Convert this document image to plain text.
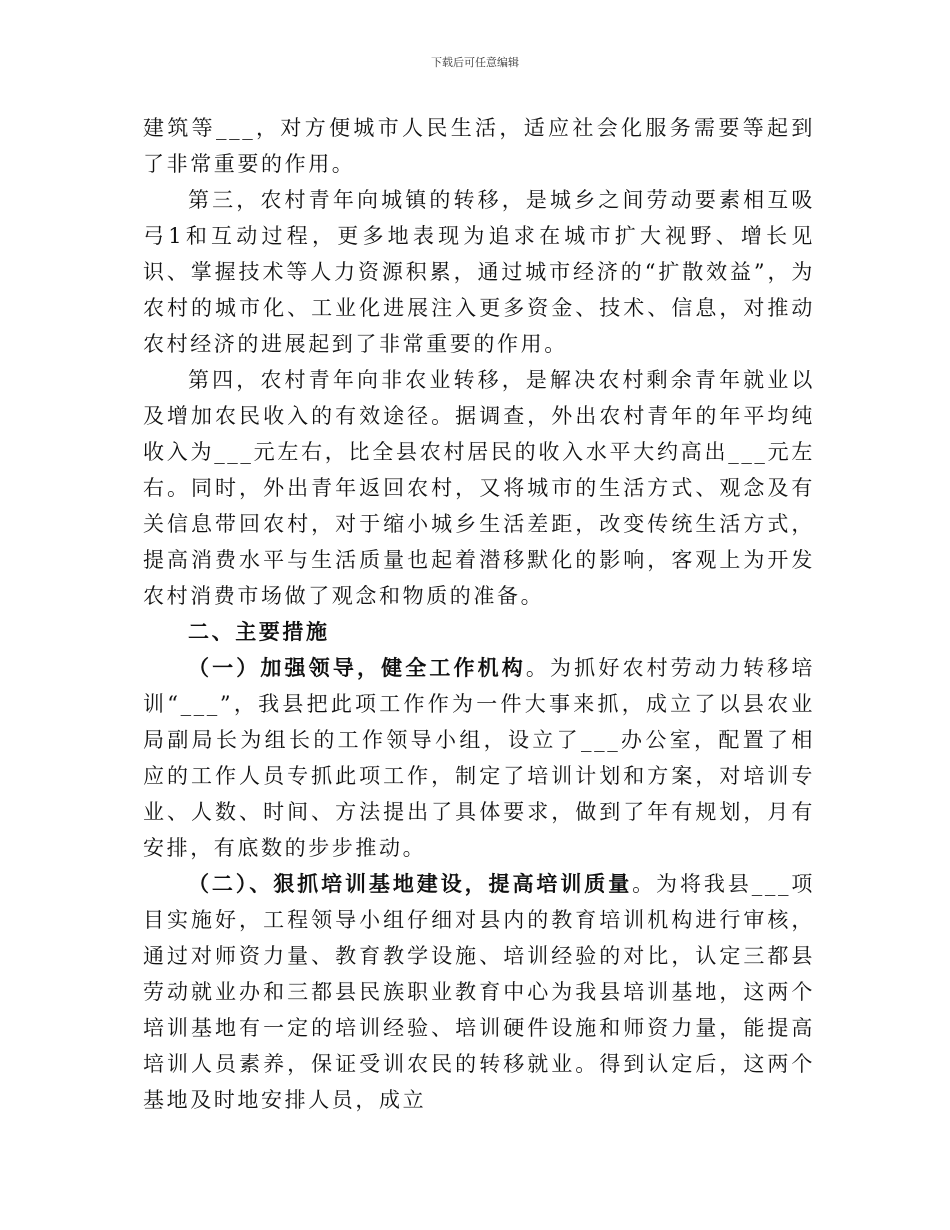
下载后可任意编辑

建筑等___，对方便城市人民生活，适应社会化服务需要等起到了非常重要的作用。

第三，农村青年向城镇的转移，是城乡之间劳动要素相互吸弓1和互动过程，更多地表现为追求在城市扩大视野、增长见识、掌握技术等人力资源积累，通过城市经济的“扩散效益”，为农村的城市化、工业化进展注入更多资金、技术、信息，对推动农村经济的进展起到了非常重要的作用。

第四，农村青年向非农业转移，是解决农村剩余青年就业以及增加农民收入的有效途径。据调查，外出农村青年的年平均纯收入为___元左右，比全县农村居民的收入水平大约高出___元左右。同时，外出青年返回农村，又将城市的生活方式、观念及有关信息带回农村，对于缩小城乡生活差距，改变传统生活方式，提高消费水平与生活质量也起着潜移默化的影响，客观上为开发农村消费市场做了观念和物质的准备。

二、主要措施

（一）加强领导，健全工作机构。为抓好农村劳动力转移培训“___”，我县把此项工作作为一件大事来抓，成立了以县农业局副局长为组长的工作领导小组，设立了___办公室，配置了相应的工作人员专抓此项工作，制定了培训计划和方案，对培训专业、人数、时间、方法提出了具体要求，做到了年有规划，月有安排，有底数的步步推动。

（二）、狠抓培训基地建设，提高培训质量。为将我县___项目实施好，工程领导小组仔细对县内的教育培训机构进行审核，通过对师资力量、教育教学设施、培训经验的对比，认定三都县劳动就业办和三都县民族职业教育中心为我县培训基地，这两个培训基地有一定的培训经验、培训硬件设施和师资力量，能提高培训人员素养，保证受训农民的转移就业。得到认定后，这两个基地及时地安排人员，成立
